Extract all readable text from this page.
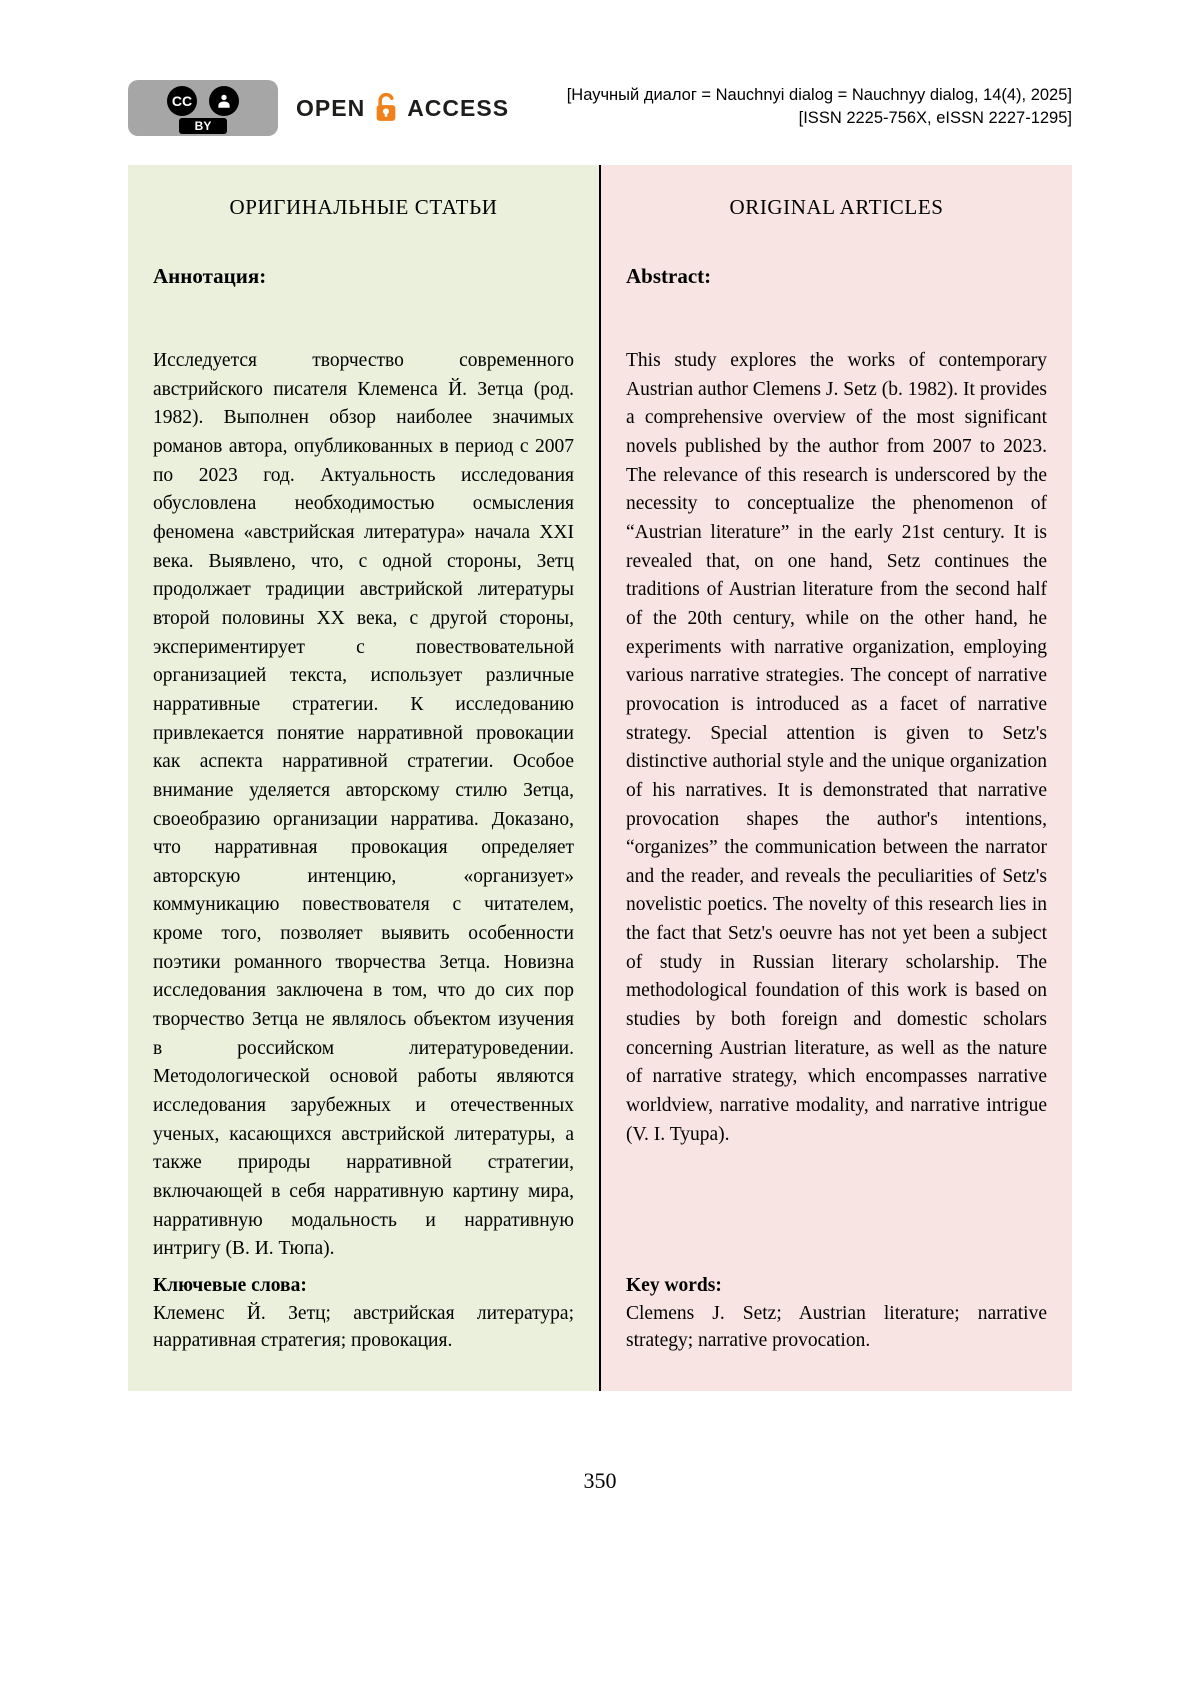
CC
BY
OPEN ACCESS	[Научный диалог = Nauchnyi dialog = Nauchnyy dialog, 14(4), 2025]
[ISSN 2225-756X, eISSN 2227-1295]
ОРИГИНАЛЬНЫЕ СТАТЬИ
Аннотация:

Исследуется творчество современного австрийского писателя Клеменса Й. Зетца (род. 1982). Выполнен обзор наиболее значимых романов автора, опубликованных в период с 2007 по 2023 год. Актуальность исследования обусловлена необходимостью осмысления феномена «австрийская литература» начала XXI века. Выявлено, что, с одной стороны, Зетц продолжает традиции австрийской литературы второй половины XX века, с другой стороны, экспериментирует с повествовательной организацией текста, использует различные нарративные стратегии. К исследованию привлекается понятие нарративной провокации как аспекта нарративной стратегии. Особое внимание уделяется авторскому стилю Зетца, своеобразию организации нарратива. Доказано, что нарративная провокация определяет авторскую интенцию, «организует» коммуникацию повествователя с читателем, кроме того, позволяет выявить особенности поэтики романного творчества Зетца. Новизна исследования заключена в том, что до сих пор творчество Зетца не являлось объектом изучения в российском литературоведении. Методологической основой работы являются исследования зарубежных и отечественных ученых, касающихся австрийской литературы, а также природы нарративной стратегии, включающей в себя нарративную картину мира, нарративную модальность и нарративную интригу (В. И. Тюпа).

Ключевые слова:
Клеменс Й. Зетц; австрийская литература; нарративная стратегия; провокация.
ORIGINAL ARTICLES
Abstract:

This study explores the works of contemporary Austrian author Clemens J. Setz (b. 1982). It provides a comprehensive overview of the most significant novels published by the author from 2007 to 2023. The relevance of this research is underscored by the necessity to conceptualize the phenomenon of “Austrian literature” in the early 21st century. It is revealed that, on one hand, Setz continues the traditions of Austrian literature from the second half of the 20th century, while on the other hand, he experiments with narrative organization, employing various narrative strategies. The concept of narrative provocation is introduced as a facet of narrative strategy. Special attention is given to Setz's distinctive authorial style and the unique organization of his narratives. It is demonstrated that narrative provocation shapes the author's intentions, “organizes” the communication between the narrator and the reader, and reveals the peculiarities of Setz's novelistic poetics. The novelty of this research lies in the fact that Setz's oeuvre has not yet been a subject of study in Russian literary scholarship. The methodological foundation of this work is based on studies by both foreign and domestic scholars concerning Austrian literature, as well as the nature of narrative strategy, which encompasses narrative worldview, narrative modality, and narrative intrigue (V. I. Tyupa).

Key words:
Clemens J. Setz; Austrian literature; narrative strategy; narrative provocation.
350
